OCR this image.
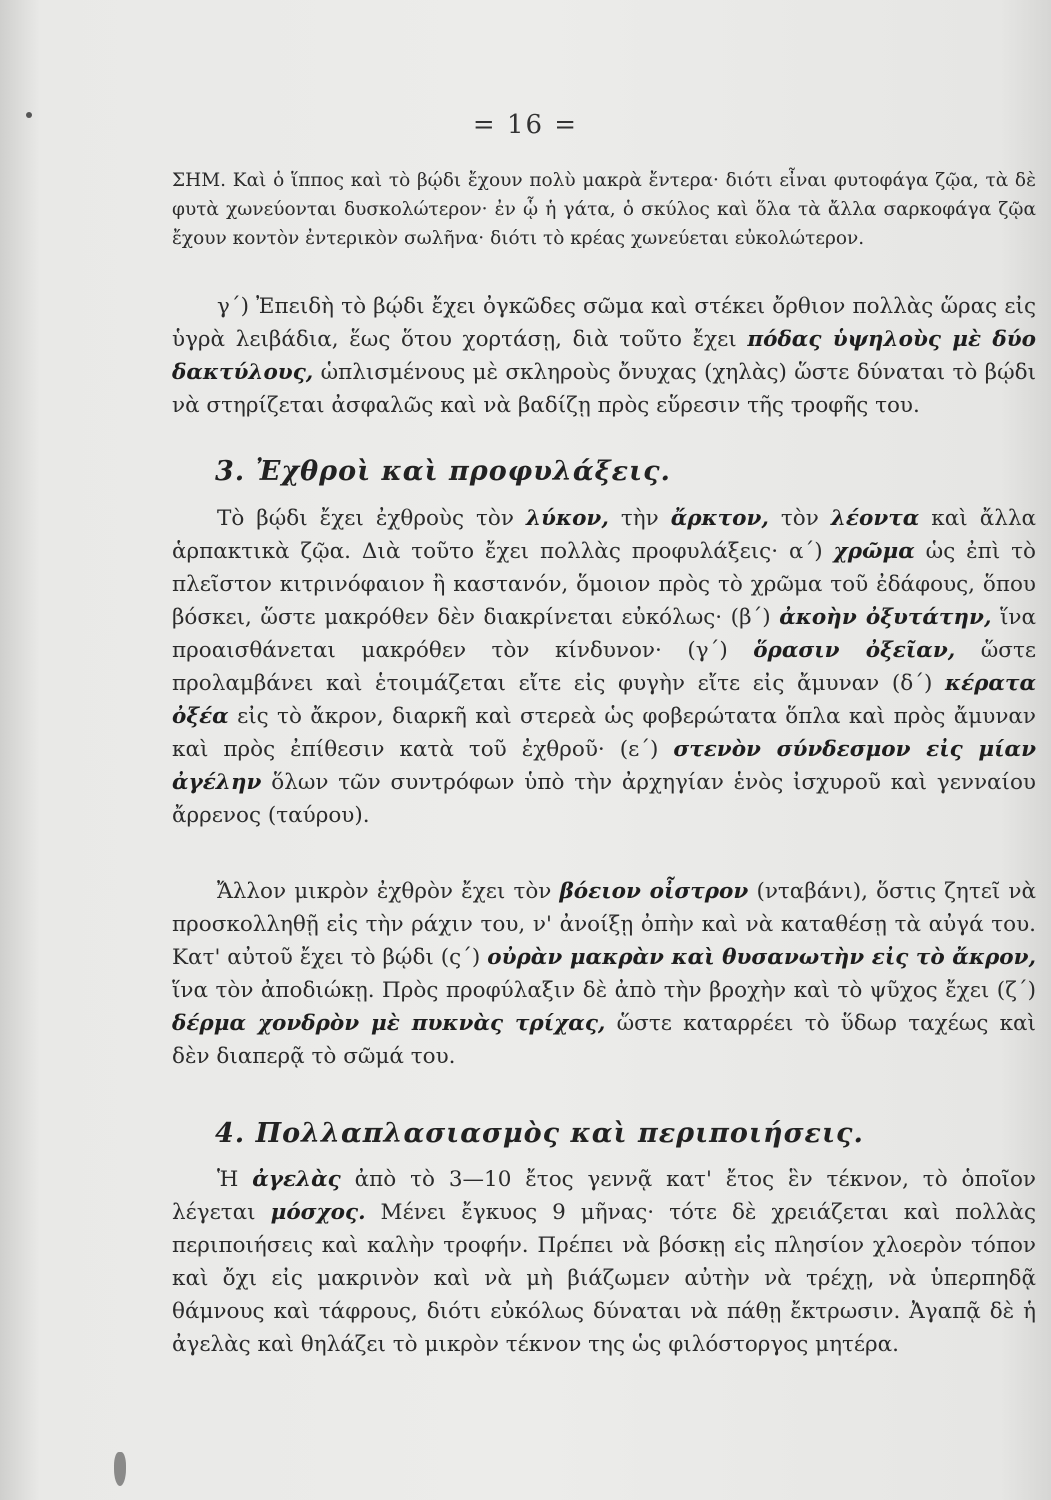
= 16 =
ΣΗΜ. Καὶ ὁ ἵππος καὶ τὸ βῴδι ἔχουν πολὺ μακρὰ ἔντερα· διότι εἶναι φυτοφάγα ζῷα, τὰ δὲ φυτὰ χωνεύονται δυσκολώτερον· ἐν ᾧ ἡ γάτα, ὁ σκύλος καὶ ὅλα τὰ ἄλλα σαρκοφάγα ζῷα ἔχουν κοντὸν ἐντερικὸν σωλῆνα· διότι τὸ κρέας χωνεύεται εὐκολώτερον.
γ΄) Ἐπειδὴ τὸ βῴδι ἔχει ὀγκῶδες σῶμα καὶ στέκει ὄρθιον πολλὰς ὥρας εἰς ὑγρὰ λειβάδια, ἕως ὅτου χορτάσῃ, διὰ τοῦτο ἔχει πόδας ὑψηλοὺς μὲ δύο δακτύλους, ὡπλισμένους μὲ σκληροὺς ὄνυχας (χηλὰς) ὥστε δύναται τὸ βῴδι νὰ στηρίζεται ἀσφαλῶς καὶ νὰ βαδίζῃ πρὸς εὕρεσιν τῆς τροφῆς του.
3. Ἐχθροὶ καὶ προφυλάξεις.
Τὸ βῴδι ἔχει ἐχθροὺς τὸν λύκον, τὴν ἄρκτον, τὸν λέοντα καὶ ἄλλα ἁρπακτικὰ ζῷα. Διὰ τοῦτο ἔχει πολλὰς προφυλάξεις· α΄) χρῶμα ὡς ἐπὶ τὸ πλεῖστον κιτρινόφαιον ἢ καστανόν, ὅμοιον πρὸς τὸ χρῶμα τοῦ ἐδάφους, ὅπου βόσκει, ὥστε μακρόθεν δὲν διακρίνεται εὐκόλως· (β΄) ἀκοὴν ὀξυτάτην, ἵνα προαισθάνεται μακρόθεν τὸν κίνδυνον· (γ΄) ὅρασιν ὀξεῖαν, ὥστε προλαμβάνει καὶ ἑτοιμάζεται εἴτε εἰς φυγὴν εἴτε εἰς ἄμυναν (δ΄) κέρατα ὀξέα εἰς τὸ ἄκρον, διαρκῆ καὶ στερεὰ ὡς φοβερώτατα ὅπλα καὶ πρὸς ἄμυναν καὶ πρὸς ἐπίθεσιν κατὰ τοῦ ἐχθροῦ· (ε΄) στενὸν σύνδεσμον εἰς μίαν ἀγέλην ὅλων τῶν συντρόφων ὑπὸ τὴν ἀρχηγίαν ἑνὸς ἰσχυροῦ καὶ γενναίου ἄρρενος (ταύρου).
Ἄλλον μικρὸν ἐχθρὸν ἔχει τὸν βόειον οἶστρον (νταβάνι), ὅστις ζητεῖ νὰ προσκολληθῇ εἰς τὴν ράχιν του, ν' ἀνοίξῃ ὀπὴν καὶ νὰ καταθέσῃ τὰ αὐγά του. Κατ' αὐτοῦ ἔχει τὸ βῴδι (ς΄) οὐρὰν μακρὰν καὶ θυσανωτὴν εἰς τὸ ἄκρον, ἵνα τὸν ἀποδιώκῃ. Πρὸς προφύλαξιν δὲ ἀπὸ τὴν βροχὴν καὶ τὸ ψῦχος ἔχει (ζ΄) δέρμα χονδρὸν μὲ πυκνὰς τρίχας, ὥστε καταρρέει τὸ ὕδωρ ταχέως καὶ δὲν διαπερᾷ τὸ σῶμά του.
4. Πολλαπλασιασμὸς καὶ περιποιήσεις.
Ἡ ἀγελὰς ἀπὸ τὸ 3—10 ἔτος γεννᾷ κατ' ἔτος ἓν τέκνον, τὸ ὁποῖον λέγεται μόσχος. Μένει ἔγκυος 9 μῆνας· τότε δὲ χρειάζεται καὶ πολλὰς περιποιήσεις καὶ καλὴν τροφήν. Πρέπει νὰ βόσκῃ εἰς πλησίον χλοερὸν τόπον καὶ ὄχι εἰς μακρινὸν καὶ νὰ μὴ βιάζωμεν αὐτὴν νὰ τρέχῃ, νὰ ὑπερπηδᾷ θάμνους καὶ τάφρους, διότι εὐκόλως δύναται νὰ πάθῃ ἔκτρωσιν. Ἀγαπᾷ δὲ ἡ ἀγελὰς καὶ θηλάζει τὸ μικρὸν τέκνον της ὡς φιλόστοργος μητέρα.
